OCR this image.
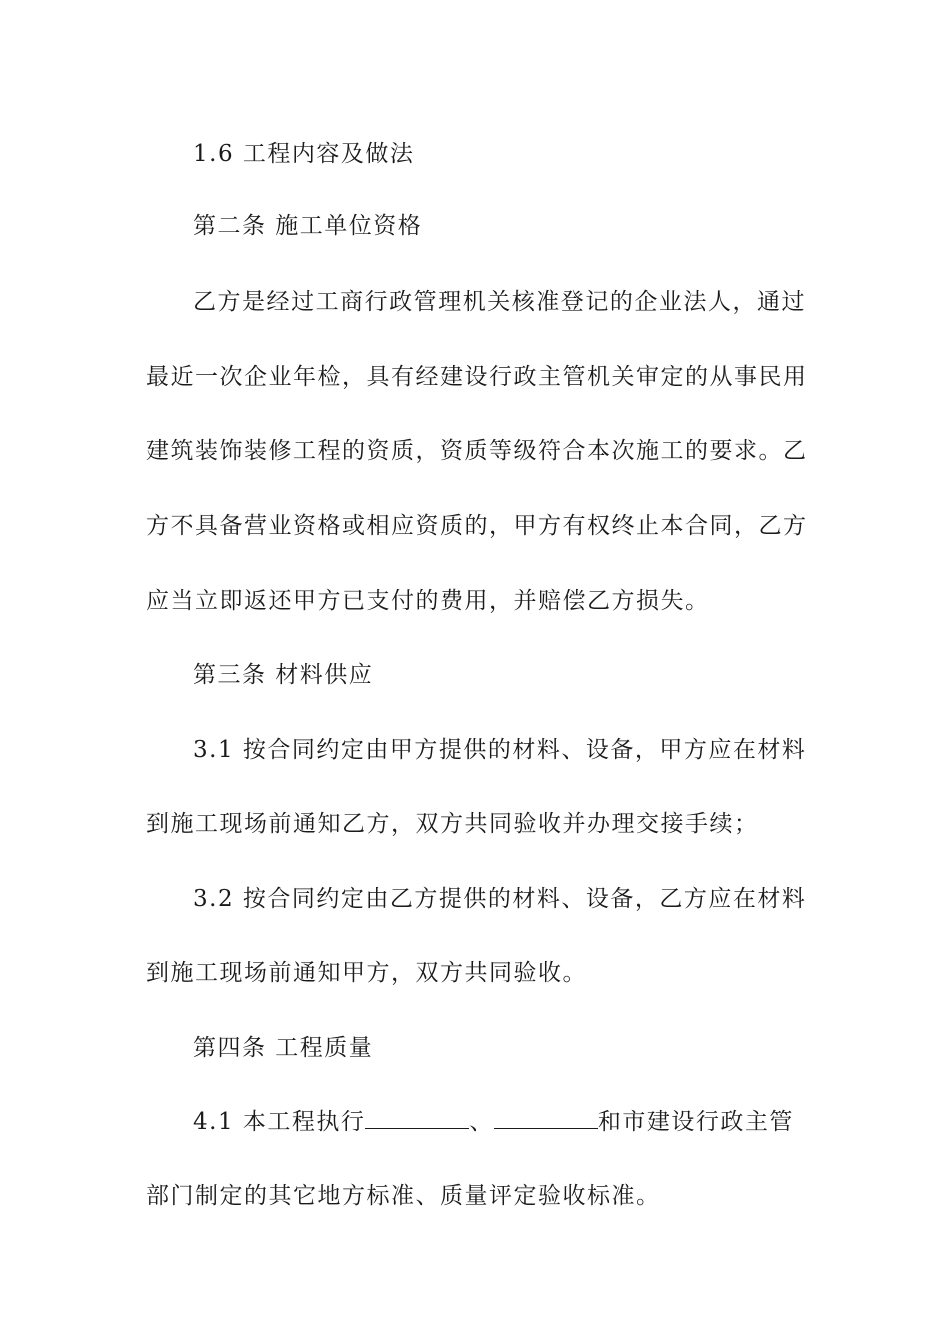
1.6 工程内容及做法
第二条 施工单位资格
乙方是经过工商行政管理机关核准登记的企业法人，通过
最近一次企业年检，具有经建设行政主管机关审定的从事民用
建筑装饰装修工程的资质，资质等级符合本次施工的要求。乙
方不具备营业资格或相应资质的，甲方有权终止本合同，乙方
应当立即返还甲方已支付的费用，并赔偿乙方损失。
第三条 材料供应
3.1 按合同约定由甲方提供的材料、设备，甲方应在材料
到施工现场前通知乙方，双方共同验收并办理交接手续；
3.2 按合同约定由乙方提供的材料、设备，乙方应在材料
到施工现场前通知甲方，双方共同验收。
第四条 工程质量
4.1 本工程执行	、	和市建设行政主管
部门制定的其它地方标准、质量评定验收标准。
